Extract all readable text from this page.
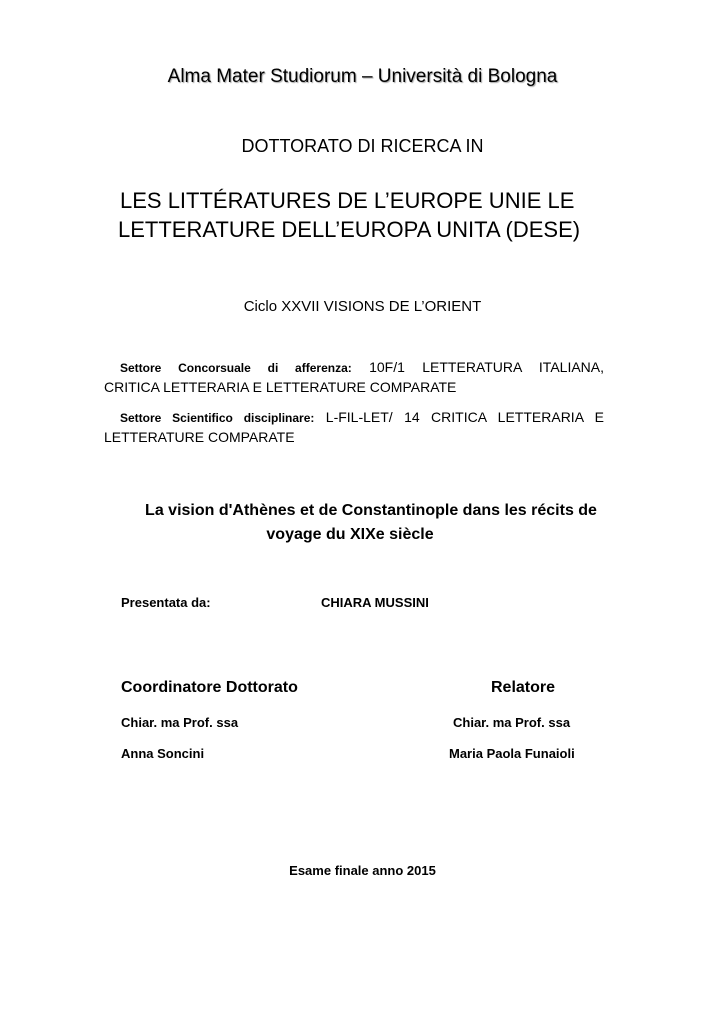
Alma Mater Studiorum – Università di Bologna
DOTTORATO DI RICERCA IN
LES LITTÉRATURES DE L’EUROPE UNIE LE
LETTERATURE DELL’EUROPA UNITA (DESE)
Ciclo XXVII VISIONS DE L’ORIENT
Settore Concorsuale di afferenza: 10F/1 LETTERATURA ITALIANA,
CRITICA LETTERARIA E LETTERATURE COMPARATE
Settore Scientifico disciplinare: L-FIL-LET/ 14 CRITICA LETTERARIA E
LETTERATURE COMPARATE
La vision d'Athènes et de Constantinople dans les récits de
voyage du XIXe siècle
Presentata da:	CHIARA MUSSINI
Coordinatore Dottorato	Relatore
Chiar. ma Prof. ssa	Chiar. ma Prof. ssa
Anna Soncini	Maria Paola Funaioli
Esame finale anno 2015
